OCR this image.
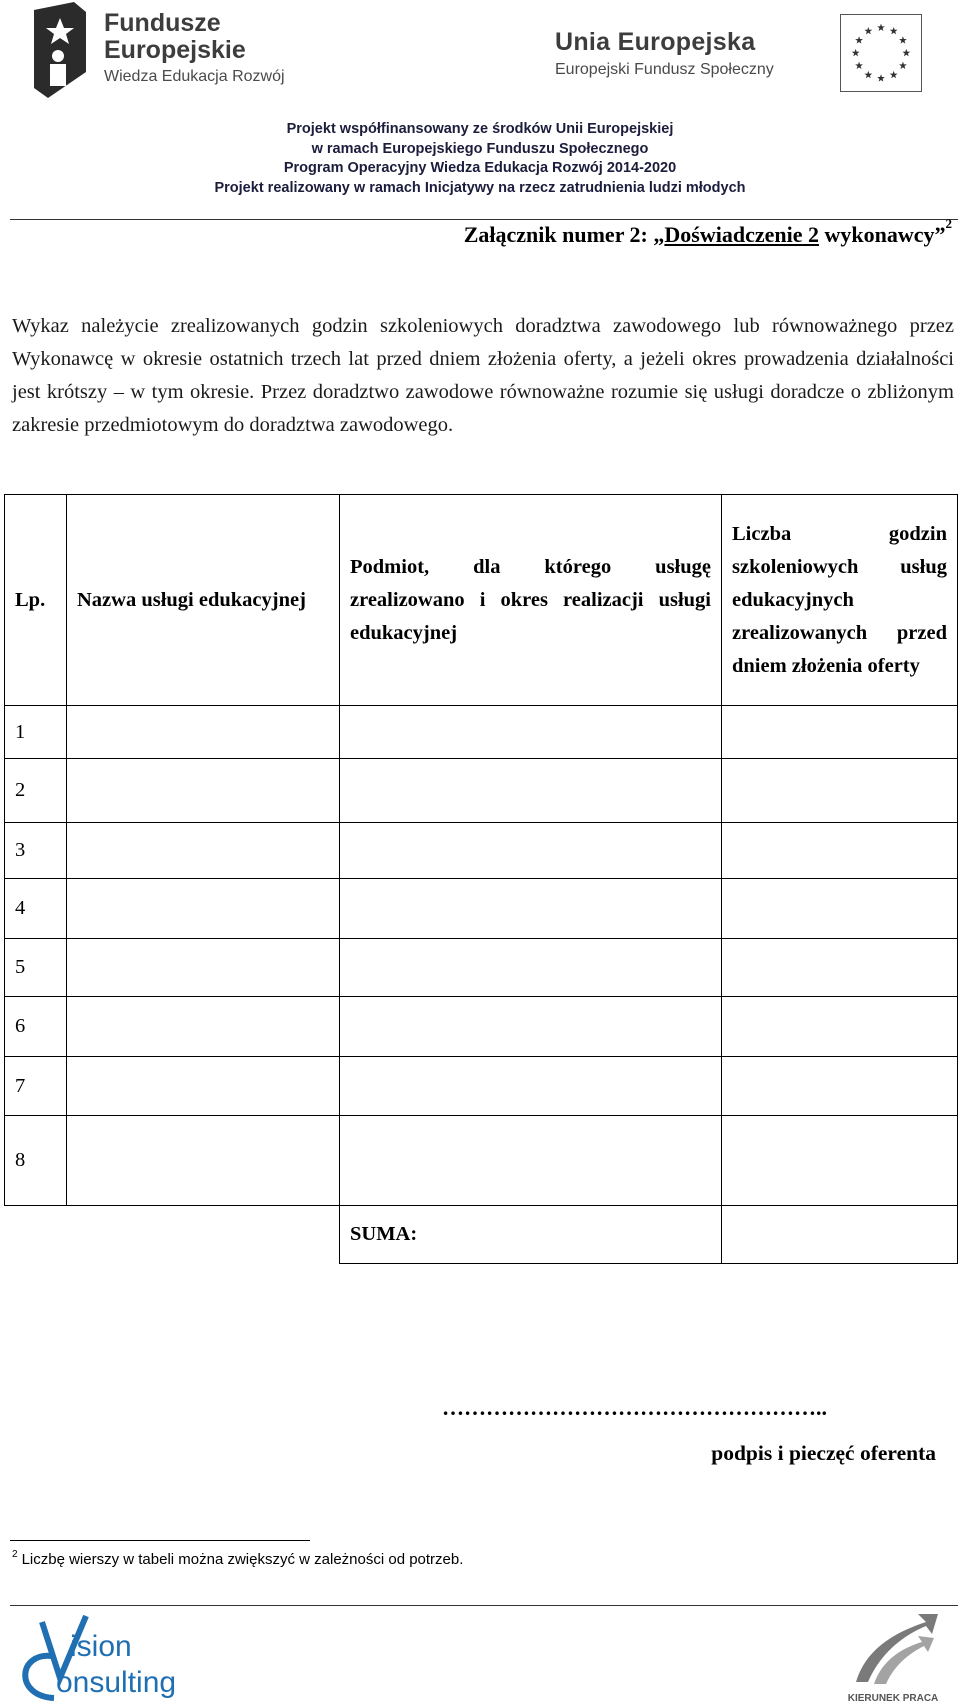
Fundusze
Europejskie
Wiedza Edukacja Rozwój
Unia Europejska
Europejski Fundusz Społeczny
Projekt współfinansowany ze środków Unii Europejskiej
w ramach Europejskiego Funduszu Społecznego
Program Operacyjny Wiedza Edukacja Rozwój 2014-2020
Projekt realizowany w ramach Inicjatywy na rzecz zatrudnienia ludzi młodych
Załącznik numer 2: „Doświadczenie 2 wykonawcy”$^2$
Wykaz należycie zrealizowanych godzin szkoleniowych doradztwa zawodowego lub równoważnego przez Wykonawcę w okresie ostatnich trzech lat przed dniem złożenia oferty, a jeżeli okres prowadzenia działalności jest krótszy – w tym okresie. Przez doradztwo zawodowe równoważne rozumie się usługi doradcze o zbliżonym zakresie przedmiotowym do doradztwa zawodowego.
Lp.	Nazwa usługi edukacyjnej	Podmiot, dla którego usługę zrealizowano i okres realizacji usługi edukacyjnej	Liczba godzin szkoleniowych usług edukacyjnych zrealizowanych przed dniem złożenia oferty
1			
2			
3			
4			
5			
6			
7			
8			
		SUMA:	
……………………………………………..
podpis i pieczęć oferenta
$^2$ Liczbę wierszy w tabeli można zwiększyć w zależności od potrzeb.
ision
onsulting	KIERUNEK PRACA
